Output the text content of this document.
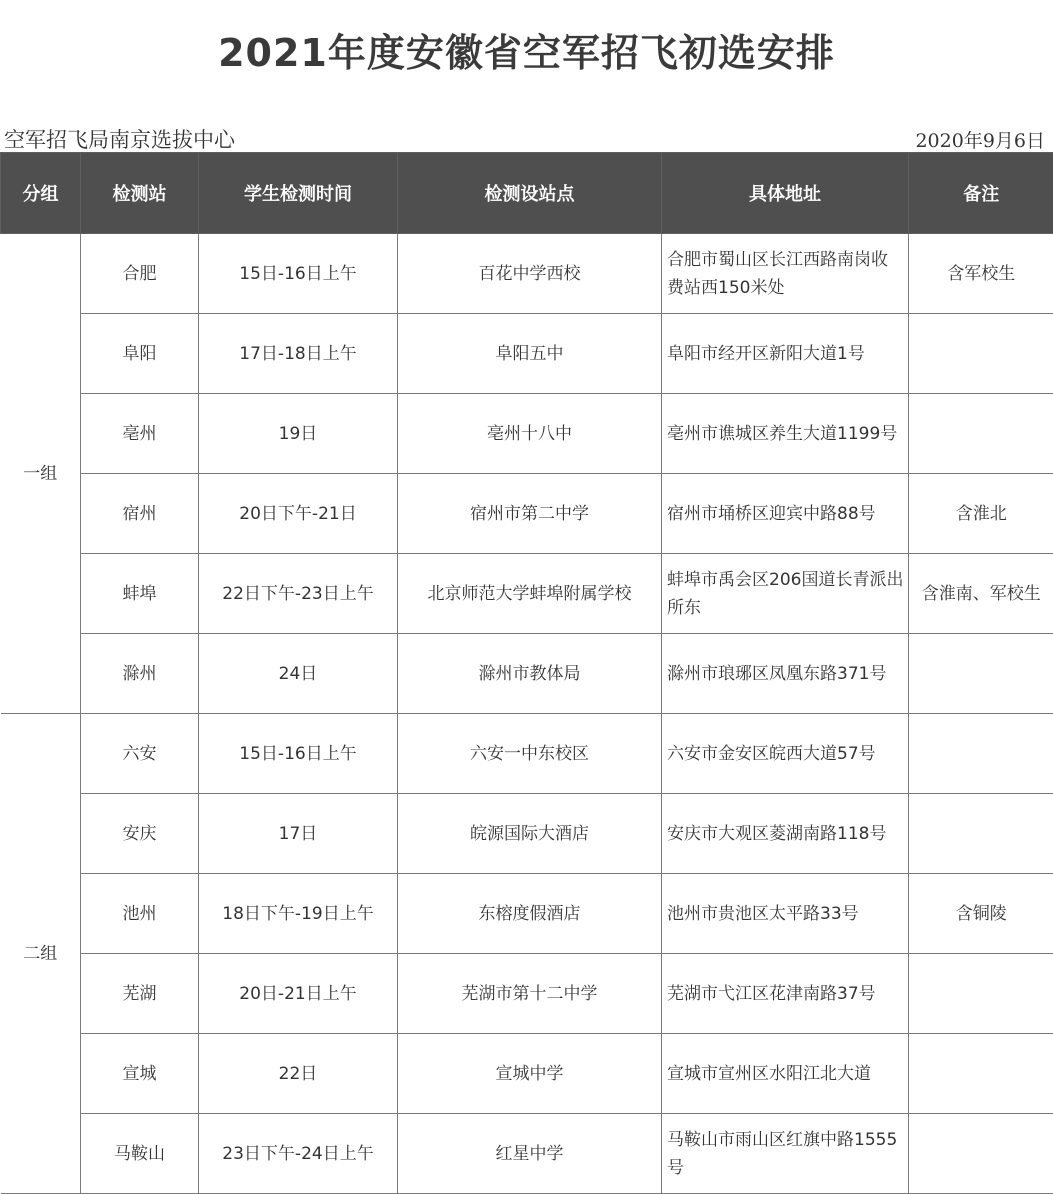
2021年度安徽省空军招飞初选安排
空军招飞局南京选拔中心	2020年9月6日
分组	检测站	学生检测时间	检测设站点	具体地址	备注
一组	合肥	15日-16日上午	百花中学西校	合肥市蜀山区长江西路南岗收费站西150米处	含军校生
	阜阳	17日-18日上午	阜阳五中	阜阳市经开区新阳大道1号	
	亳州	19日	亳州十八中	亳州市谯城区养生大道1199号	
	宿州	20日下午-21日	宿州市第二中学	宿州市埇桥区迎宾中路88号	含淮北
	蚌埠	22日下午-23日上午	北京师范大学蚌埠附属学校	蚌埠市禹会区206国道长青派出所东	含淮南、军校生
	滁州	24日	滁州市教体局	滁州市琅琊区凤凰东路371号	
二组	六安	15日-16日上午	六安一中东校区	六安市金安区皖西大道57号	
	安庆	17日	皖源国际大酒店	安庆市大观区菱湖南路118号	
	池州	18日下午-19日上午	东榕度假酒店	池州市贵池区太平路33号	含铜陵
	芜湖	20日-21日上午	芜湖市第十二中学	芜湖市弋江区花津南路37号	
	宣城	22日	宣城中学	宣城市宣州区水阳江北大道	
	马鞍山	23日下午-24日上午	红星中学	马鞍山市雨山区红旗中路1555号	
